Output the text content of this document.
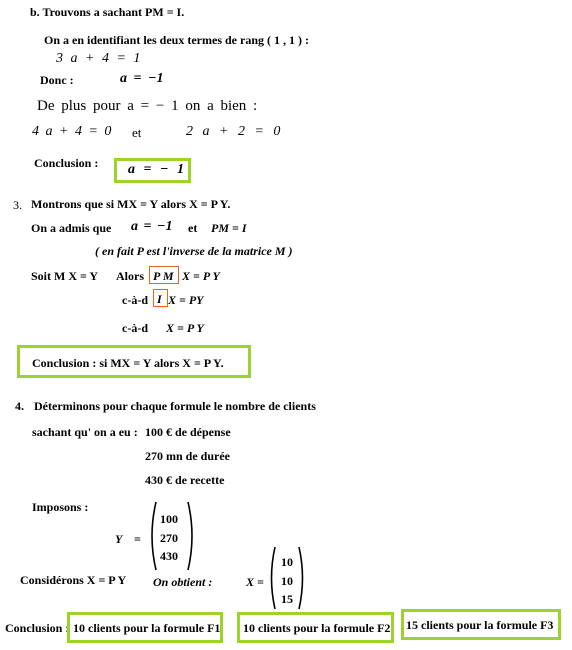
b. Trouvons a sachant PM = I.
On a en identifiant les deux termes de rang ( 1 , 1 ) :
3 a + 4 = 1
Donc :	a = −1
De plus pour a = − 1 on a bien :
4 a + 4 = 0 et	2 a + 2 = 0
Conclusion : a = − 1
3. Montrons que si MX = Y alors X = P Y.
On a admis que a = −1 et PM = I
( en fait P est l'inverse de la matrice M )
Soit M X = Y Alors P M X = P Y
c-à-d I X = PY
c-à-d X = P Y
Conclusion : si MX = Y alors X = P Y.
4. Déterminons pour chaque formule le nombre de clients
sachant qu' on a eu : 100 € de dépense
270 mn de durée
430 € de recette
Imposons :
Y =
100
270
430
Considérons X = P Y On obtient :	X =
10
10
15
Conclusion : 10 clients pour la formule F1 10 clients pour la formule F2 15 clients pour la formule F3
